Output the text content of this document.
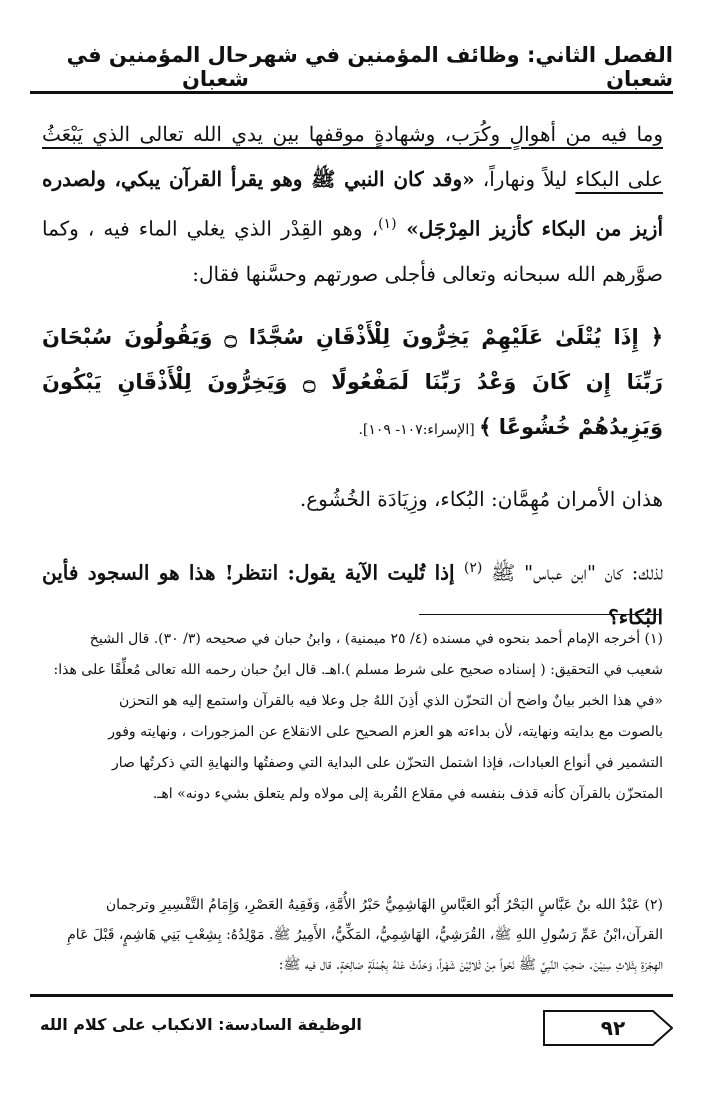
الفصل الثاني: وظائف المؤمنين في شهر شعبان
حال المؤمنين في شعبان

وما فيه من أهوالٍ وكُرَب، وشهادةٍ موقفها بين يدي الله تعالى الذي يَبْعَثُ على البكاء ليلاً ونهاراً، «وقد كان النبي ﷺ وهو يقرأ القرآن يبكي، ولصدره أزيز من البكاء كأزيز المِرْجَل» $^{(١)}$، وهو القِدْر الذي يغلي الماء فيه ، وكما صوَّرهم الله سبحانه وتعالى فأجلى صورتهم وحسَّنها فقال:

﴿ إِذَا يُتْلَىٰ عَلَيْهِمْ يَخِرُّونَ لِلْأَذْقَانِ سُجَّدًا ۝ وَيَقُولُونَ سُبْحَانَ رَبِّنَا إِن كَانَ وَعْدُ رَبِّنَا لَمَفْعُولًا ۝ وَيَخِرُّونَ لِلْأَذْقَانِ يَبْكُونَ وَيَزِيدُهُمْ خُشُوعًا ﴾ [الإسراء:١٠٧- ١٠٩].

هذان الأمران مُهِمَّان: البُكاء، وزِيَادَة الخُشُوع.

لذلك: كان "ابن عباس" ﷺ $^{(٢)}$ إذا تُليت الآية يقول: انتظر! هذا هو السجود فأين البُكاء؟

(١) أخرجه الإمام أحمد بنحوه في مسنده (٤/ ٢٥ ميمنية) ، وابنُ حبان في صحيحه (٣/ ٣٠). قال الشيخ

شعيب في التحقيق: ( إسناده صحيح على شرط مسلم ).اهـ. قال ابنُ حبان رحمه الله تعالى مُعلِّقًا على هذا:

«في هذا الخبر بيانٌ واضح أن التحزّن الذي أذِنَ اللهُ جل وعلا فيه بالقرآن واستمع إليه هو التحزن

بالصوت مع بدايته ونهايته، لأن بداءته هو العزم الصحيح على الانقلاع عن المزجورات ، ونهايته وفور

التشمير في أنواع العبادات، فإذا اشتمل التحزّن على البداية التي وصفتُها والنهايةِ التي ذكرتُها صار

المتحزّن بالقرآن كأنه قذف بنفسه في مقلاع القُربة إلى مولاه ولم يتعلق بشيء دونه» اهـ.

(٢) عَبْدُ الله بنُ عَبَّاسٍ البَحْرُ أَبُو العَبَّاسِ الهَاشِمِيُّ حَبْرُ الأُمَّةِ، وَفَقِيهُ العَصْرِ، وَإِمَامُ التَّفْسِيرِ وترجمان

القرآن،ابْنُ عَمِّ رَسُولِ اللهِ ﷺ، القُرَشِيُّ، الهَاشِمِيُّ، المَكِّيُّ، الأَمِيرُ ﷺ. مَوْلِدُهُ: بِشِعْبِ بَنِي هَاشِمٍ، قَبْلَ عَامِ

الهِجْرَةِ بِثَلاثِ سِنِيْنَ. صَحِبَ النَّبِيَّ ﷺ نَحْواً مِنْ ثَلاثِيْنَ شَهْراً، وَحَدَّثَ عَنْهُ بِجُمْلَةٍ صَالِحَةٍ. قال فيه ﷺ:

٩٢
الوظيفة السادسة: الانكباب على كلام الله
